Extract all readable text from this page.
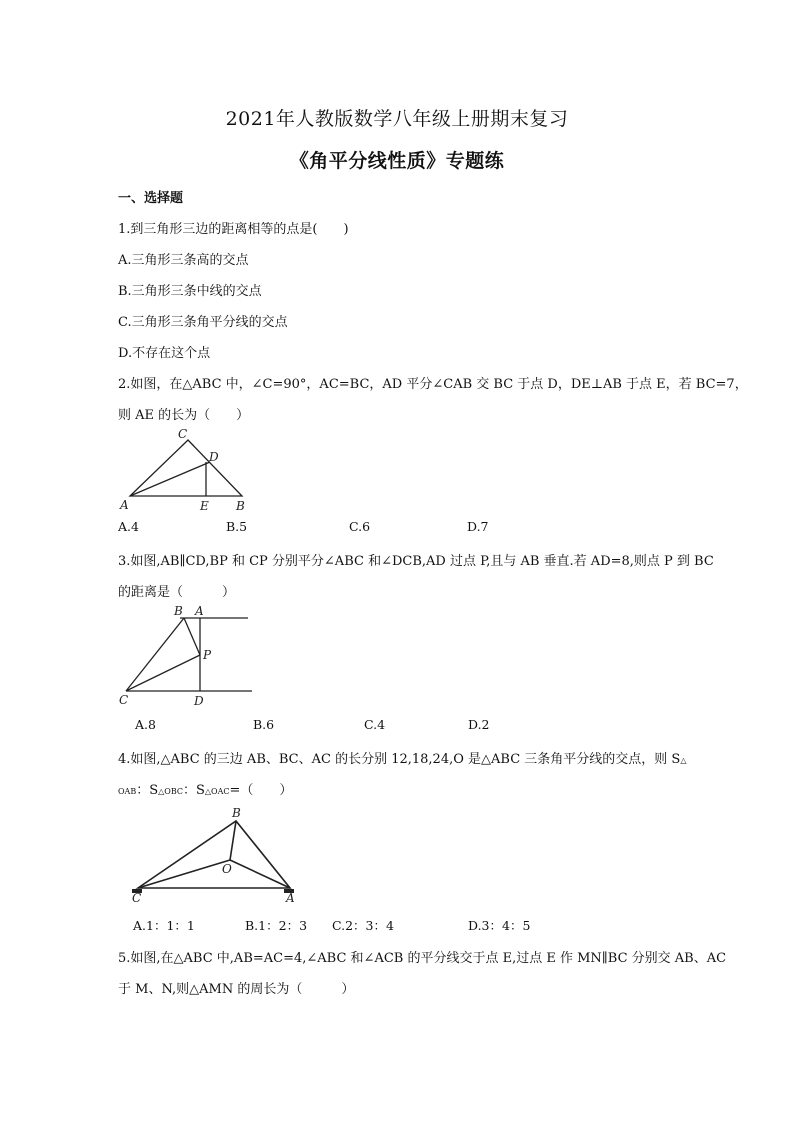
2021年人教版数学八年级上册期末复习
《角平分线性质》专题练
一、选择题
1.到三角形三边的距离相等的点是(　　)
A.三角形三条高的交点
B.三角形三条中线的交点
C.三角形三条角平分线的交点
D.不存在这个点
2.如图，在△ABC 中，∠C=90°，AC=BC，AD 平分∠CAB 交 BC 于点 D，DE⊥AB 于点 E，若 BC=7，
则 AE 的长为（　　）
C
D
A	E B
A.4	B.5	C.6	D.7
3.如图,AB∥CD,BP 和 CP 分别平分∠ABC 和∠DCB,AD 过点 P,且与 AB 垂直.若 AD=8,则点 P 到 BC
的距离是（　　　）
B A
P
C	D
A.8	B.6	C.4	D.2
4.如图,△ABC 的三边 AB、BC、AC 的长分别 12,18,24,O 是△ABC 三条角平分线的交点，则 S△
OAB：S△OBC：S△OAC=（　　）
B
O
C	A
A.1：1：1	B.1：2：3 C.2：3：4	D.3：4：5
5.如图,在△ABC 中,AB=AC=4,∠ABC 和∠ACB 的平分线交于点 E,过点 E 作 MN∥BC 分别交 AB、AC
于 M、N,则△AMN 的周长为（　　　）
